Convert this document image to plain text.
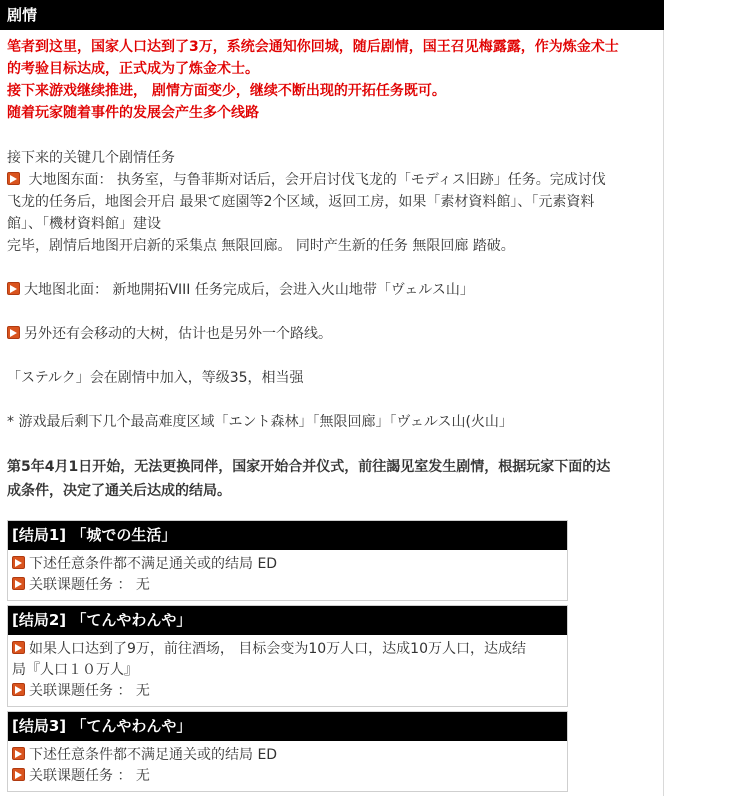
剧情
笔者到这里，国家人口达到了3万，系统会通知你回城，随后剧情，国王召见梅露露，作为炼金术士
的考验目标达成，正式成为了炼金术士。
接下来游戏继续推进， 剧情方面变少，继续不断出现的开拓任务既可。
随着玩家随着事件的发展会产生多个线路
接下来的关键几个剧情任务
大地图东面： 执务室，与鲁菲斯对话后，会开启讨伐飞龙的「モディス旧跡」任务。完成讨伐
飞龙的任务后，地图会开启 最果て庭園等2个区域，返回工房，如果「素材資料館」、「元素資料
館」、「機材資料館」建设
完毕，剧情后地图开启新的采集点 無限回廊。 同时产生新的任务 無限回廊 踏破。
大地图北面： 新地開拓VIII 任务完成后，会进入火山地带「ヴェルス山」
另外还有会移动的大树，估计也是另外一个路线。
「ステルク」会在剧情中加入，等级35，相当强
* 游戏最后剩下几个最高难度区域「エント森林」「無限回廊」「ヴェルス山(火山」
第5年4月1日开始，无法更换同伴，国家开始合并仪式，前往謁见室发生剧情，根据玩家下面的达
成条件，决定了通关后达成的结局。
[结局1] 「城での生活」
下述任意条件都不满足通关或的结局 ED
关联课题任务 ： 无
[结局2] 「てんやわんや」
如果人口达到了9万，前往酒场， 目标会变为10万人口，达成10万人口，达成结
局『人口１０万人』
关联课题任务 ： 无
[结局3] 「てんやわんや」
下述任意条件都不满足通关或的结局 ED
关联课题任务 ： 无
